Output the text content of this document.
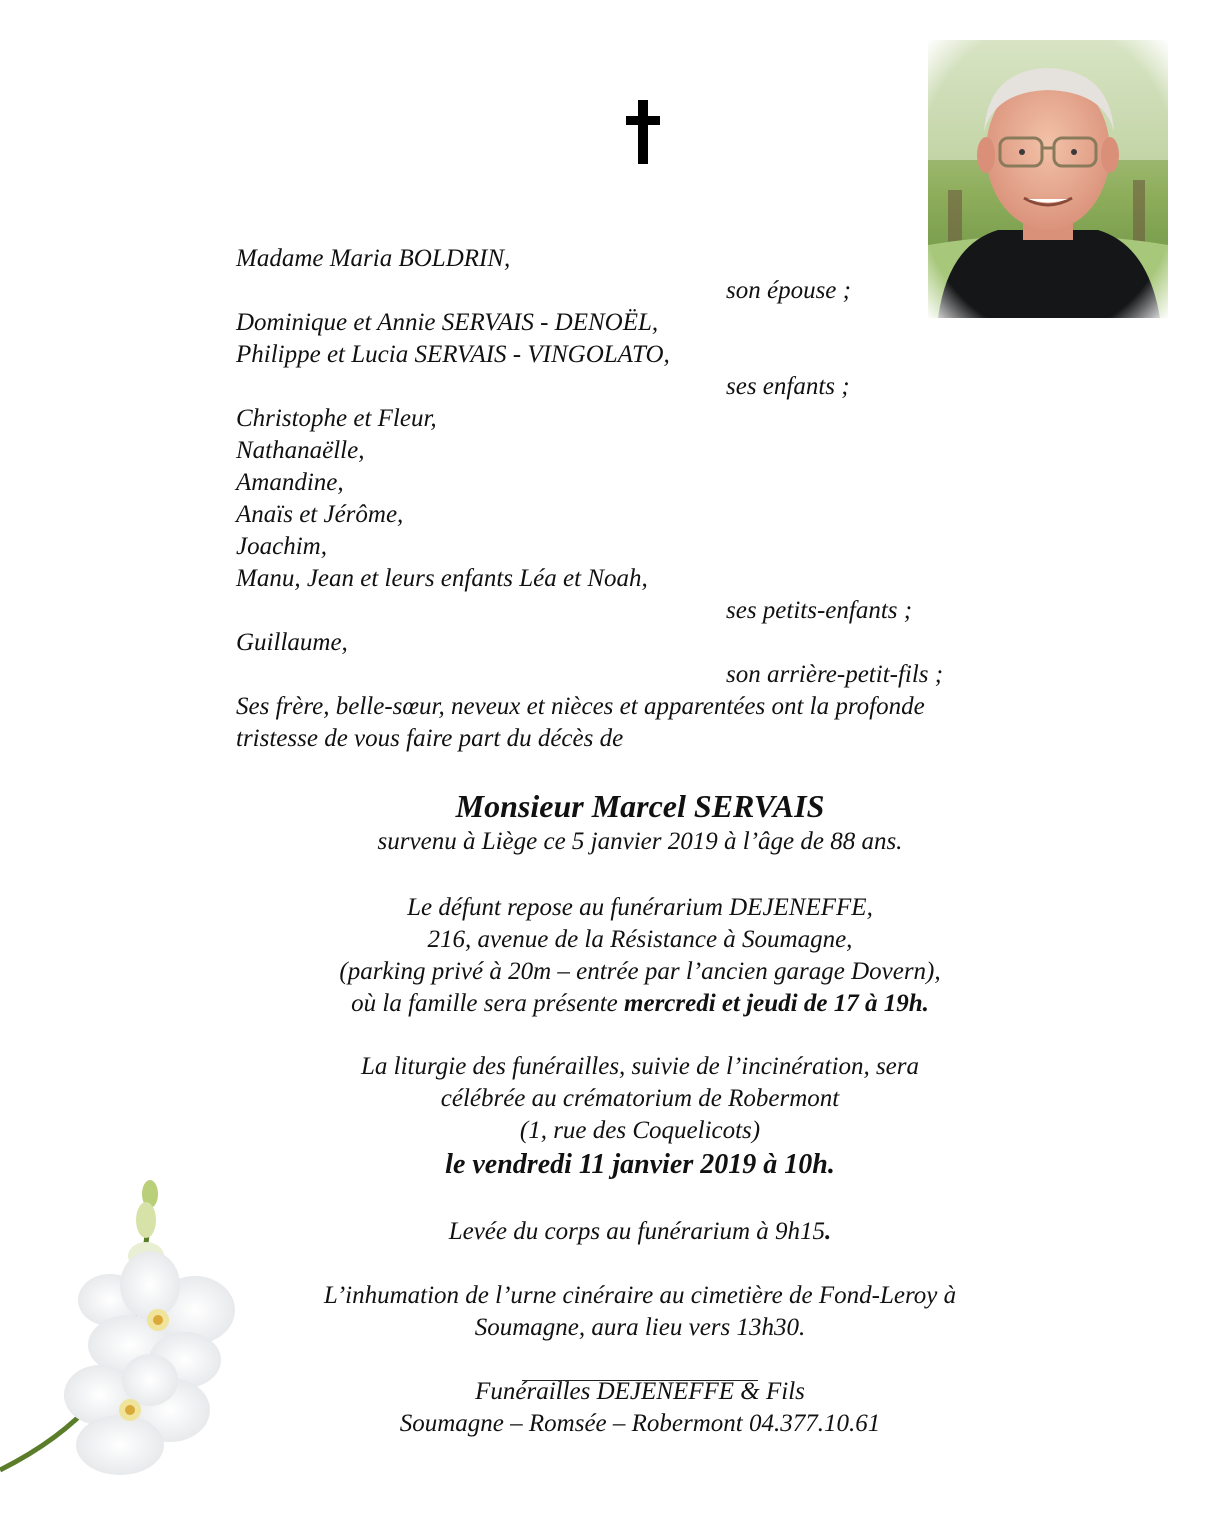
Madame Maria BOLDRIN,
son épouse ;
Dominique et Annie SERVAIS - DENOËL,
Philippe et Lucia SERVAIS - VINGOLATO,
ses enfants ;
Christophe et Fleur,
Nathanaëlle,
Amandine,
Anaïs et Jérôme,
Joachim,
Manu, Jean et leurs enfants Léa et Noah,
ses petits-enfants ;
Guillaume,
son arrière-petit-fils ;
Ses frère, belle-sœur, neveux et nièces et apparentées ont la profonde
tristesse de vous faire part du décès de
Monsieur Marcel SERVAIS
survenu à Liège ce 5 janvier 2019 à l’âge de 88 ans.
Le défunt repose au funérarium DEJENEFFE,
216, avenue de la Résistance à Soumagne,
(parking privé à 20m – entrée par l’ancien garage Dovern),
où la famille sera présente mercredi et jeudi de 17 à 19h.
La liturgie des funérailles, suivie de l’incinération, sera
célébrée au crématorium de Robermont
(1, rue des Coquelicots)
le vendredi 11 janvier 2019 à 10h.
Levée du corps au funérarium à 9h15.
L’inhumation de l’urne cinéraire au cimetière de Fond-Leroy à
Soumagne, aura lieu vers 13h30.
Funérailles DEJENEFFE & Fils
Soumagne – Romsée – Robermont 04.377.10.61
